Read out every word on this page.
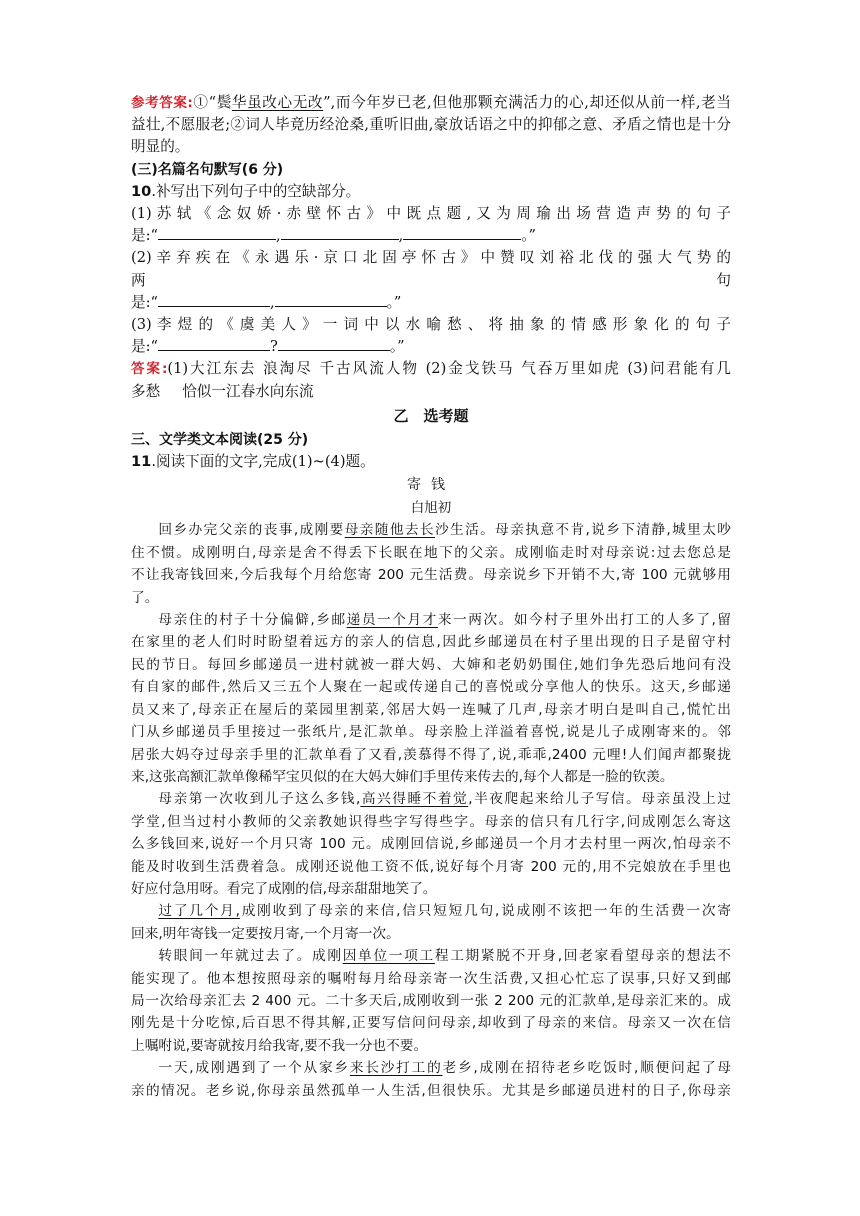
参考答案:①“鬓华虽改心无改”,而今年岁已老,但他那颗充满活力的心,却还似从前一样,老当

益壮,不愿服老;②词人毕竟历经沧桑,重听旧曲,豪放话语之中的抑郁之意、矛盾之情也是十分

明显的。

(三)名篇名句默写(6 分)

10.补写出下列句子中的空缺部分。

(1) 苏 轼 《 念 奴 娇 · 赤 壁 怀 古 》 中 既 点 题 , 又 为 周 瑜 出 场 营 造 声 势 的 句 子

是:“	,	,	。”

(2) 辛 弃 疾 在 《 永 遇 乐 · 京 口 北 固 亭 怀 古 》 中 赞 叹 刘 裕 北 伐 的 强 大 气 势 的 两 句

是:“	,	。”

(3) 李 煜 的 《 虞 美 人 》 一 词 中 以 水 喻 愁 、 将 抽 象 的 情 感 形 象 化 的 句 子

是:“	?	。”

答案:(1)大江东去 浪淘尽 千古风流人物 (2)金戈铁马 气吞万里如虎 (3)问君能有几

多愁 恰似一江春水向东流

乙　选考题

三、文学类文本阅读(25 分)

11.阅读下面的文字,完成(1)~(4)题。

寄钱

白旭初

回乡办完父亲的丧事,成刚要母亲随他去长沙生活。母亲执意不肯,说乡下清静,城里太吵

住不惯。成刚明白,母亲是舍不得丢下长眠在地下的父亲。成刚临走时对母亲说:过去您总是

不让我寄钱回来,今后我每个月给您寄 200 元生活费。母亲说乡下开销不大,寄 100 元就够用

了。

母亲住的村子十分偏僻,乡邮递员一个月才来一两次。如今村子里外出打工的人多了,留

在家里的老人们时时盼望着远方的亲人的信息,因此乡邮递员在村子里出现的日子是留守村

民的节日。每回乡邮递员一进村就被一群大妈、大婶和老奶奶围住,她们争先恐后地问有没

有自家的邮件,然后又三五个人聚在一起或传递自己的喜悦或分享他人的快乐。这天,乡邮递

员又来了,母亲正在屋后的菜园里割菜,邻居大妈一连喊了几声,母亲才明白是叫自己,慌忙出

门从乡邮递员手里接过一张纸片,是汇款单。母亲脸上洋溢着喜悦,说是儿子成刚寄来的。邻

居张大妈夺过母亲手里的汇款单看了又看,羡慕得不得了,说,乖乖,2400 元哩!人们闻声都聚拢

来,这张高额汇款单像稀罕宝贝似的在大妈大婶们手里传来传去的,每个人都是一脸的钦羡。

母亲第一次收到儿子这么多钱,高兴得睡不着觉,半夜爬起来给儿子写信。母亲虽没上过

学堂,但当过村小教师的父亲教她识得些字写得些字。母亲的信只有几行字,问成刚怎么寄这

么多钱回来,说好一个月只寄 100 元。成刚回信说,乡邮递员一个月才去村里一两次,怕母亲不

能及时收到生活费着急。成刚还说他工资不低,说好每个月寄 200 元的,用不完娘放在手里也

好应付急用呀。看完了成刚的信,母亲甜甜地笑了。

过了几个月,成刚收到了母亲的来信,信只短短几句,说成刚不该把一年的生活费一次寄

回来,明年寄钱一定要按月寄,一个月寄一次。

转眼间一年就过去了。成刚因单位一项工程工期紧脱不开身,回老家看望母亲的想法不

能实现了。他本想按照母亲的嘱咐每月给母亲寄一次生活费,又担心忙忘了误事,只好又到邮

局一次给母亲汇去 2 400 元。二十多天后,成刚收到一张 2 200 元的汇款单,是母亲汇来的。成

刚先是十分吃惊,后百思不得其解,正要写信问问母亲,却收到了母亲的来信。母亲又一次在信

上嘱咐说,要寄就按月给我寄,要不我一分也不要。

一天,成刚遇到了一个从家乡来长沙打工的老乡,成刚在招待老乡吃饭时,顺便问起了母

亲的情况。老乡说,你母亲虽然孤单一人生活,但很快乐。尤其是乡邮递员进村的日子,你母亲
